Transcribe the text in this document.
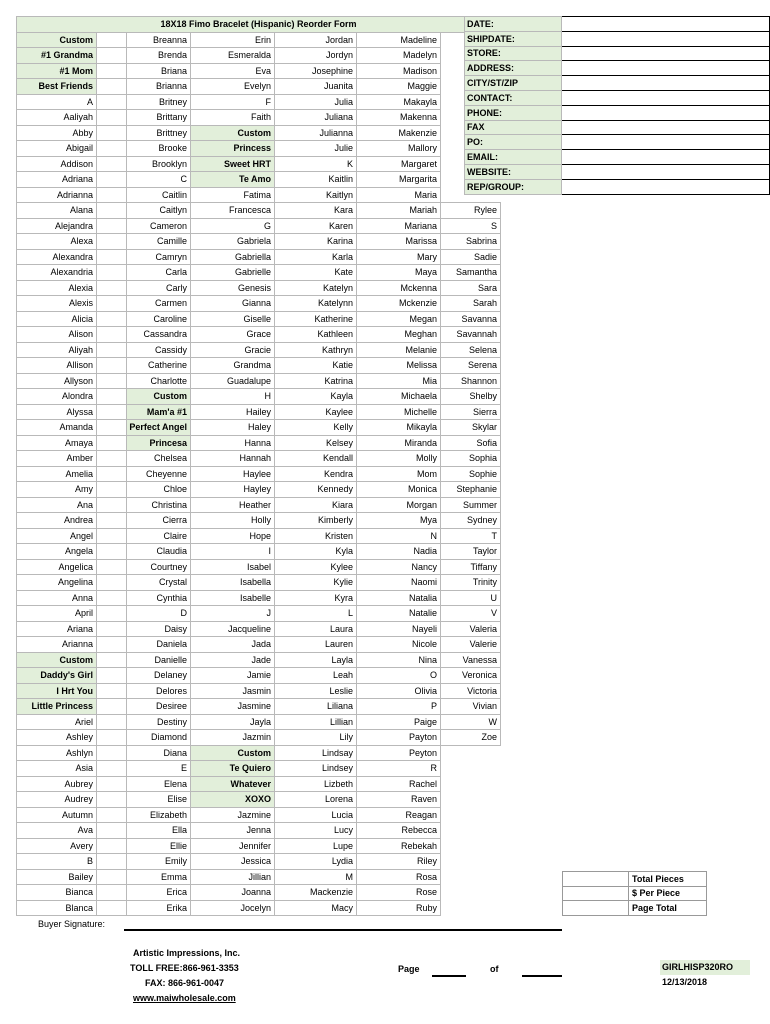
18X18 Fimo Bracelet (Hispanic) Reorder Form						
Custom		Breanna	Erin	Jordan	Madeline	
#1 Grandma		Brenda	Esmeralda	Jordyn	Madelyn	
#1 Mom		Briana	Eva	Josephine	Madison	
Best Friends		Brianna	Evelyn	Juanita	Maggie	
A		Britney	F	Julia	Makayla	
Aaliyah		Brittany	Faith	Juliana	Makenna	
Abby		Brittney	Custom	Julianna	Makenzie	
Abigail		Brooke	Princess	Julie	Mallory	
Addison		Brooklyn	Sweet HRT	K	Margaret	
Adriana		C	Te Amo	Kaitlin	Margarita	
Adrianna		Caitlin	Fatima	Kaitlyn	Maria	
Alana		Caitlyn	Francesca	Kara	Mariah	Rylee
Alejandra		Cameron	G	Karen	Mariana	S
Alexa		Camille	Gabriela	Karina	Marissa	Sabrina
Alexandra		Camryn	Gabriella	Karla	Mary	Sadie
Alexandria		Carla	Gabrielle	Kate	Maya	Samantha
Alexia		Carly	Genesis	Katelyn	Mckenna	Sara
Alexis		Carmen	Gianna	Katelynn	Mckenzie	Sarah
Alicia		Caroline	Giselle	Katherine	Megan	Savanna
Alison		Cassandra	Grace	Kathleen	Meghan	Savannah
Aliyah		Cassidy	Gracie	Kathryn	Melanie	Selena
Allison		Catherine	Grandma	Katie	Melissa	Serena
Allyson		Charlotte	Guadalupe	Katrina	Mia	Shannon
Alondra		Custom	H	Kayla	Michaela	Shelby
Alyssa		Mam'a #1	Hailey	Kaylee	Michelle	Sierra
Amanda		Perfect Angel	Haley	Kelly	Mikayla	Skylar
Amaya		Princesa	Hanna	Kelsey	Miranda	Sofia
Amber		Chelsea	Hannah	Kendall	Molly	Sophia
Amelia		Cheyenne	Haylee	Kendra	Mom	Sophie
Amy		Chloe	Hayley	Kennedy	Monica	Stephanie
Ana		Christina	Heather	Kiara	Morgan	Summer
Andrea		Cierra	Holly	Kimberly	Mya	Sydney
Angel		Claire	Hope	Kristen	N	T
Angela		Claudia	I	Kyla	Nadia	Taylor
Angelica		Courtney	Isabel	Kylee	Nancy	Tiffany
Angelina		Crystal	Isabella	Kylie	Naomi	Trinity
Anna		Cynthia	Isabelle	Kyra	Natalia	U
April		D	J	L	Natalie	V
Ariana		Daisy	Jacqueline	Laura	Nayeli	Valeria
Arianna		Daniela	Jada	Lauren	Nicole	Valerie
Custom		Danielle	Jade	Layla	Nina	Vanessa
Daddy's Girl		Delaney	Jamie	Leah	O	Veronica
I Hrt You		Delores	Jasmin	Leslie	Olivia	Victoria
Little Princess		Desiree	Jasmine	Liliana	P	Vivian
Ariel		Destiny	Jayla	Lillian	Paige	W
Ashley		Diamond	Jazmin	Lily	Payton	Zoe
Ashlyn		Diana	Custom	Lindsay	Peyton	
Asia		E	Te Quiero	Lindsey	R	
Aubrey		Elena	Whatever	Lizbeth	Rachel	
Audrey		Elise	XOXO	Lorena	Raven	
Autumn		Elizabeth	Jazmine	Lucia	Reagan	
Ava		Ella	Jenna	Lucy	Rebecca	
Avery		Ellie	Jennifer	Lupe	Rebekah	
B		Emily	Jessica	Lydia	Riley	
Bailey		Emma	Jillian	M	Rosa	
Bianca		Erica	Joanna	Mackenzie	Rose	
Blanca		Erika	Jocelyn	Macy	Ruby	
DATE:	
SHIPDATE:	
STORE:	
ADDRESS:	
CITY/ST/ZIP	
CONTACT:	
PHONE:	
FAX	
PO:	
EMAIL:	
WEBSITE:	
REP/GROUP:	
	Total Pieces
	$ Per Piece
	Page Total
Buyer Signature:
Artistic Impressions, Inc.
TOLL FREE:866-961-3353
FAX: 866-961-0047
www.maiwholesale.com
Page	of	GIRLHISP320RO
12/13/2018
